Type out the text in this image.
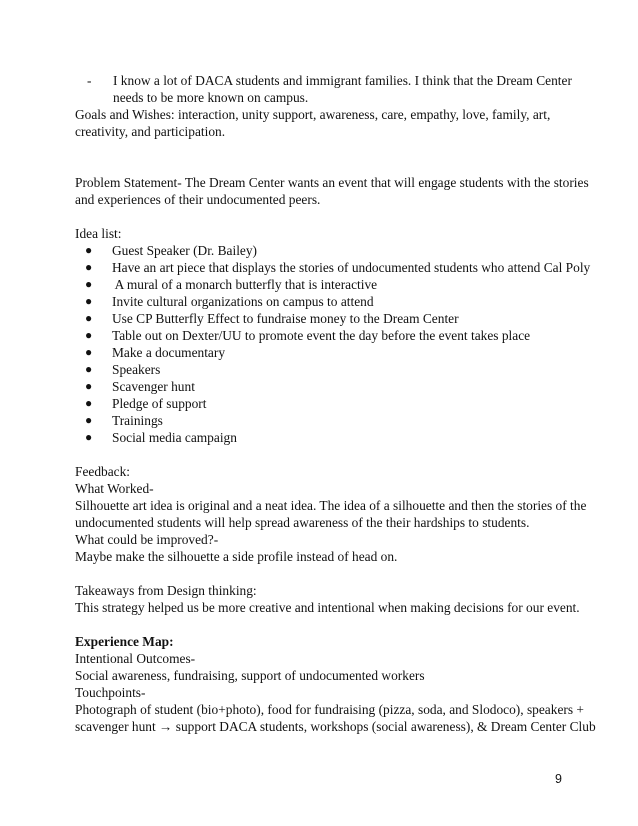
- I know a lot of DACA students and immigrant families. I think that the Dream Center

needs to be more known on campus.

Goals and Wishes: interaction, unity support, awareness, care, empathy, love, family, art,

creativity, and participation.

Problem Statement- The Dream Center wants an event that will engage students with the stories

and experiences of their undocumented peers.

Idea list:

● Guest Speaker (Dr. Bailey)
● Have an art piece that displays the stories of undocumented students who attend Cal Poly
● A mural of a monarch butterfly that is interactive
● Invite cultural organizations on campus to attend
● Use CP Butterfly Effect to fundraise money to the Dream Center
● Table out on Dexter/UU to promote event the day before the event takes place
● Make a documentary
● Speakers
● Scavenger hunt
● Pledge of support
● Trainings
● Social media campaign

Feedback:

What Worked-

Silhouette art idea is original and a neat idea. The idea of a silhouette and then the stories of the

undocumented students will help spread awareness of the their hardships to students.

What could be improved?-

Maybe make the silhouette a side profile instead of head on.

Takeaways from Design thinking:

This strategy helped us be more creative and intentional when making decisions for our event.

Experience Map:

Intentional Outcomes-

Social awareness, fundraising, support of undocumented workers

Touchpoints-

Photograph of student (bio+photo), food for fundraising (pizza, soda, and Slodoco), speakers +

scavenger hunt → support DACA students, workshops (social awareness), & Dream Center Club

9
